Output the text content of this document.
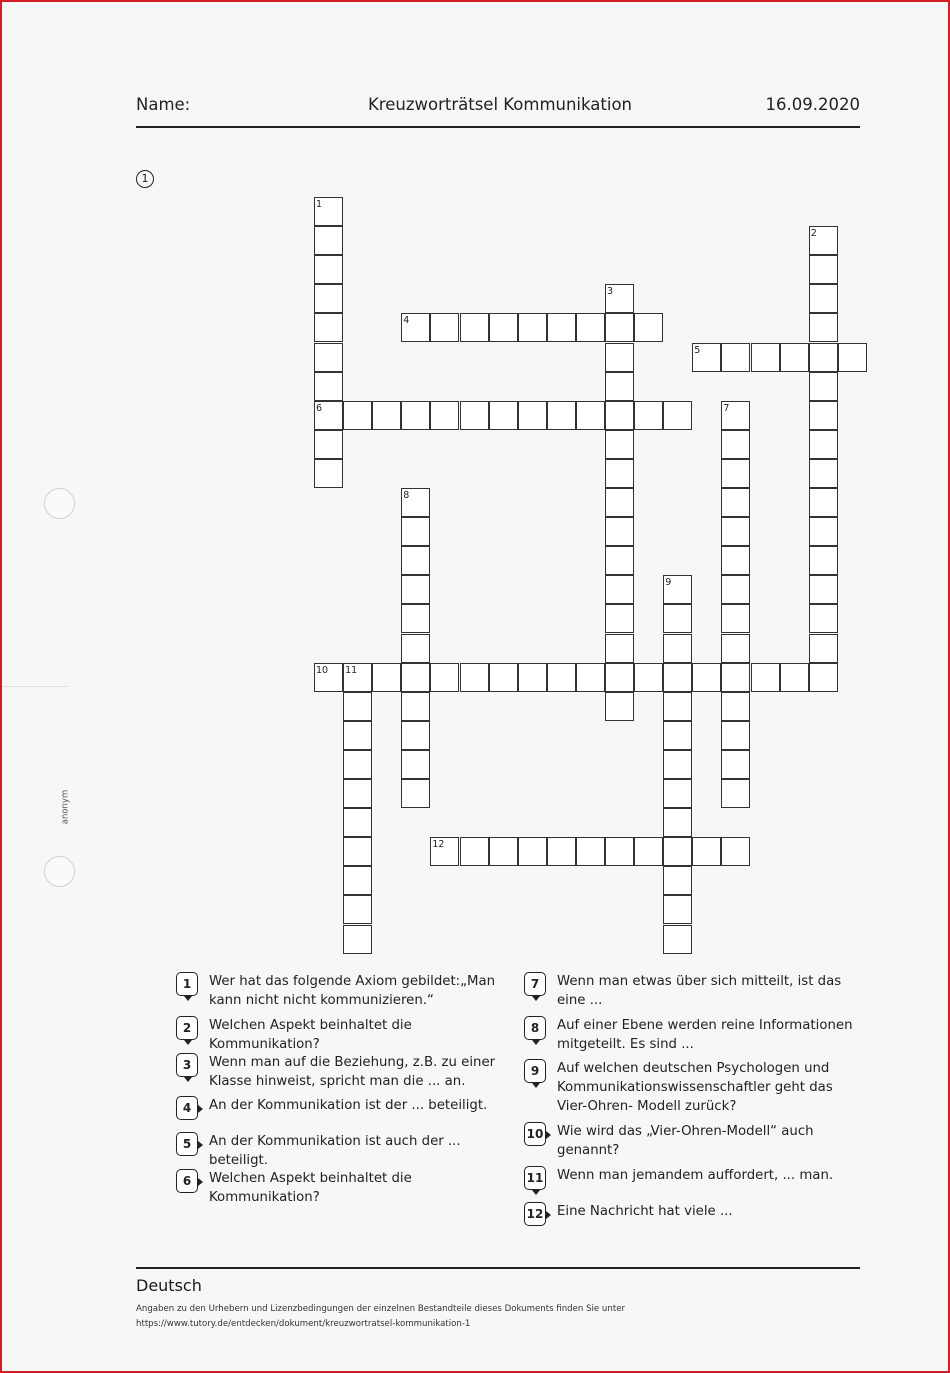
Name:	Kreuzworträtsel Kommunikation	16.09.2020
1
anonym
1
2
3
4
5
6	7
8
9
10 11
12
1	Wer hat das folgende Axiom gebildet:„Man kann nicht nicht kommunizieren.“
2	Welchen Aspekt beinhaltet die Kommunikation?
3	Wenn man auf die Beziehung, z.B. zu einer Klasse hinweist, spricht man die ... an.
4	An der Kommunikation ist der ... beteiligt.
5	An der Kommunikation ist auch der ... beteiligt.
6	Welchen Aspekt beinhaltet die Kommunikation?
7	Wenn man etwas über sich mitteilt, ist das eine ...
8	Auf einer Ebene werden reine Informationen mitgeteilt. Es sind ...
9	Auf welchen deutschen Psychologen und Kommunikationswissenschaftler geht das Vier-Ohren- Modell zurück?
10 Wie wird das „Vier-Ohren-Modell“ auch genannt?
11 Wenn man jemandem auffordert, ... man.
12 Eine Nachricht hat viele ...
Deutsch
Angaben zu den Urhebern und Lizenzbedingungen der einzelnen Bestandteile dieses Dokuments finden Sie unter
https://www.tutory.de/entdecken/dokument/kreuzwortratsel-kommunikation-1
